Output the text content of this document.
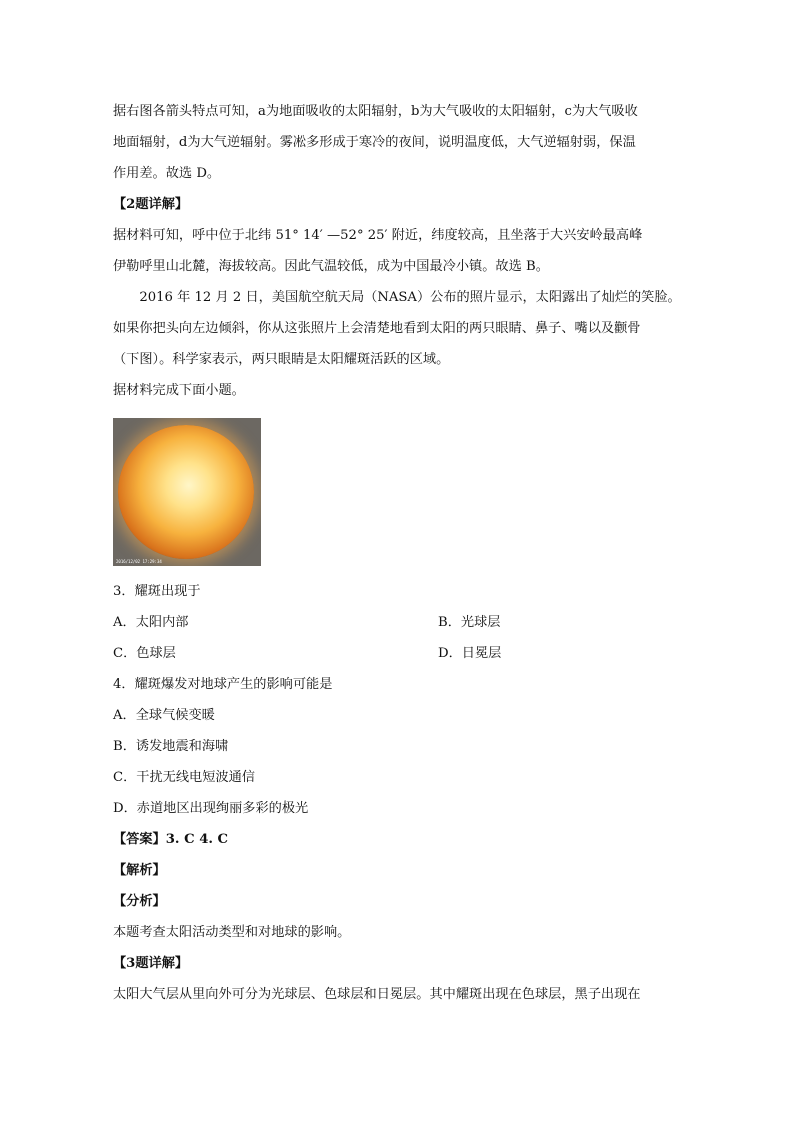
据右图各箭头特点可知，a为地面吸收的太阳辐射，b为大气吸收的太阳辐射，c为大气吸收

地面辐射，d为大气逆辐射。雾凇多形成于寒冷的夜间，说明温度低，大气逆辐射弱，保温

作用差。故选 D。

【2题详解】

据材料可知，呼中位于北纬 51° 14′ —52° 25′ 附近，纬度较高，且坐落于大兴安岭最高峰

伊勒呼里山北麓，海拔较高。因此气温较低，成为中国最冷小镇。故选 B。

2016 年 12 月 2 日，美国航空航天局（NASA）公布的照片显示，太阳露出了灿烂的笑脸。

如果你把头向左边倾斜，你从这张照片上会清楚地看到太阳的两只眼睛、鼻子、嘴以及颧骨

（下图）。科学家表示，两只眼睛是太阳耀斑活跃的区域。

据材料完成下面小题。

2016/12/02 17:29:34

3．耀斑出现于

A．太阳内部	B．光球层
C．色球层	D．日冕层

4．耀斑爆发对地球产生的影响可能是

A．全球气候变暖

B．诱发地震和海啸

C．干扰无线电短波通信

D．赤道地区出现绚丽多彩的极光

【答案】3. C 4. C

【解析】

【分析】

本题考查太阳活动类型和对地球的影响。

【3题详解】

太阳大气层从里向外可分为光球层、色球层和日冕层。其中耀斑出现在色球层，黑子出现在
